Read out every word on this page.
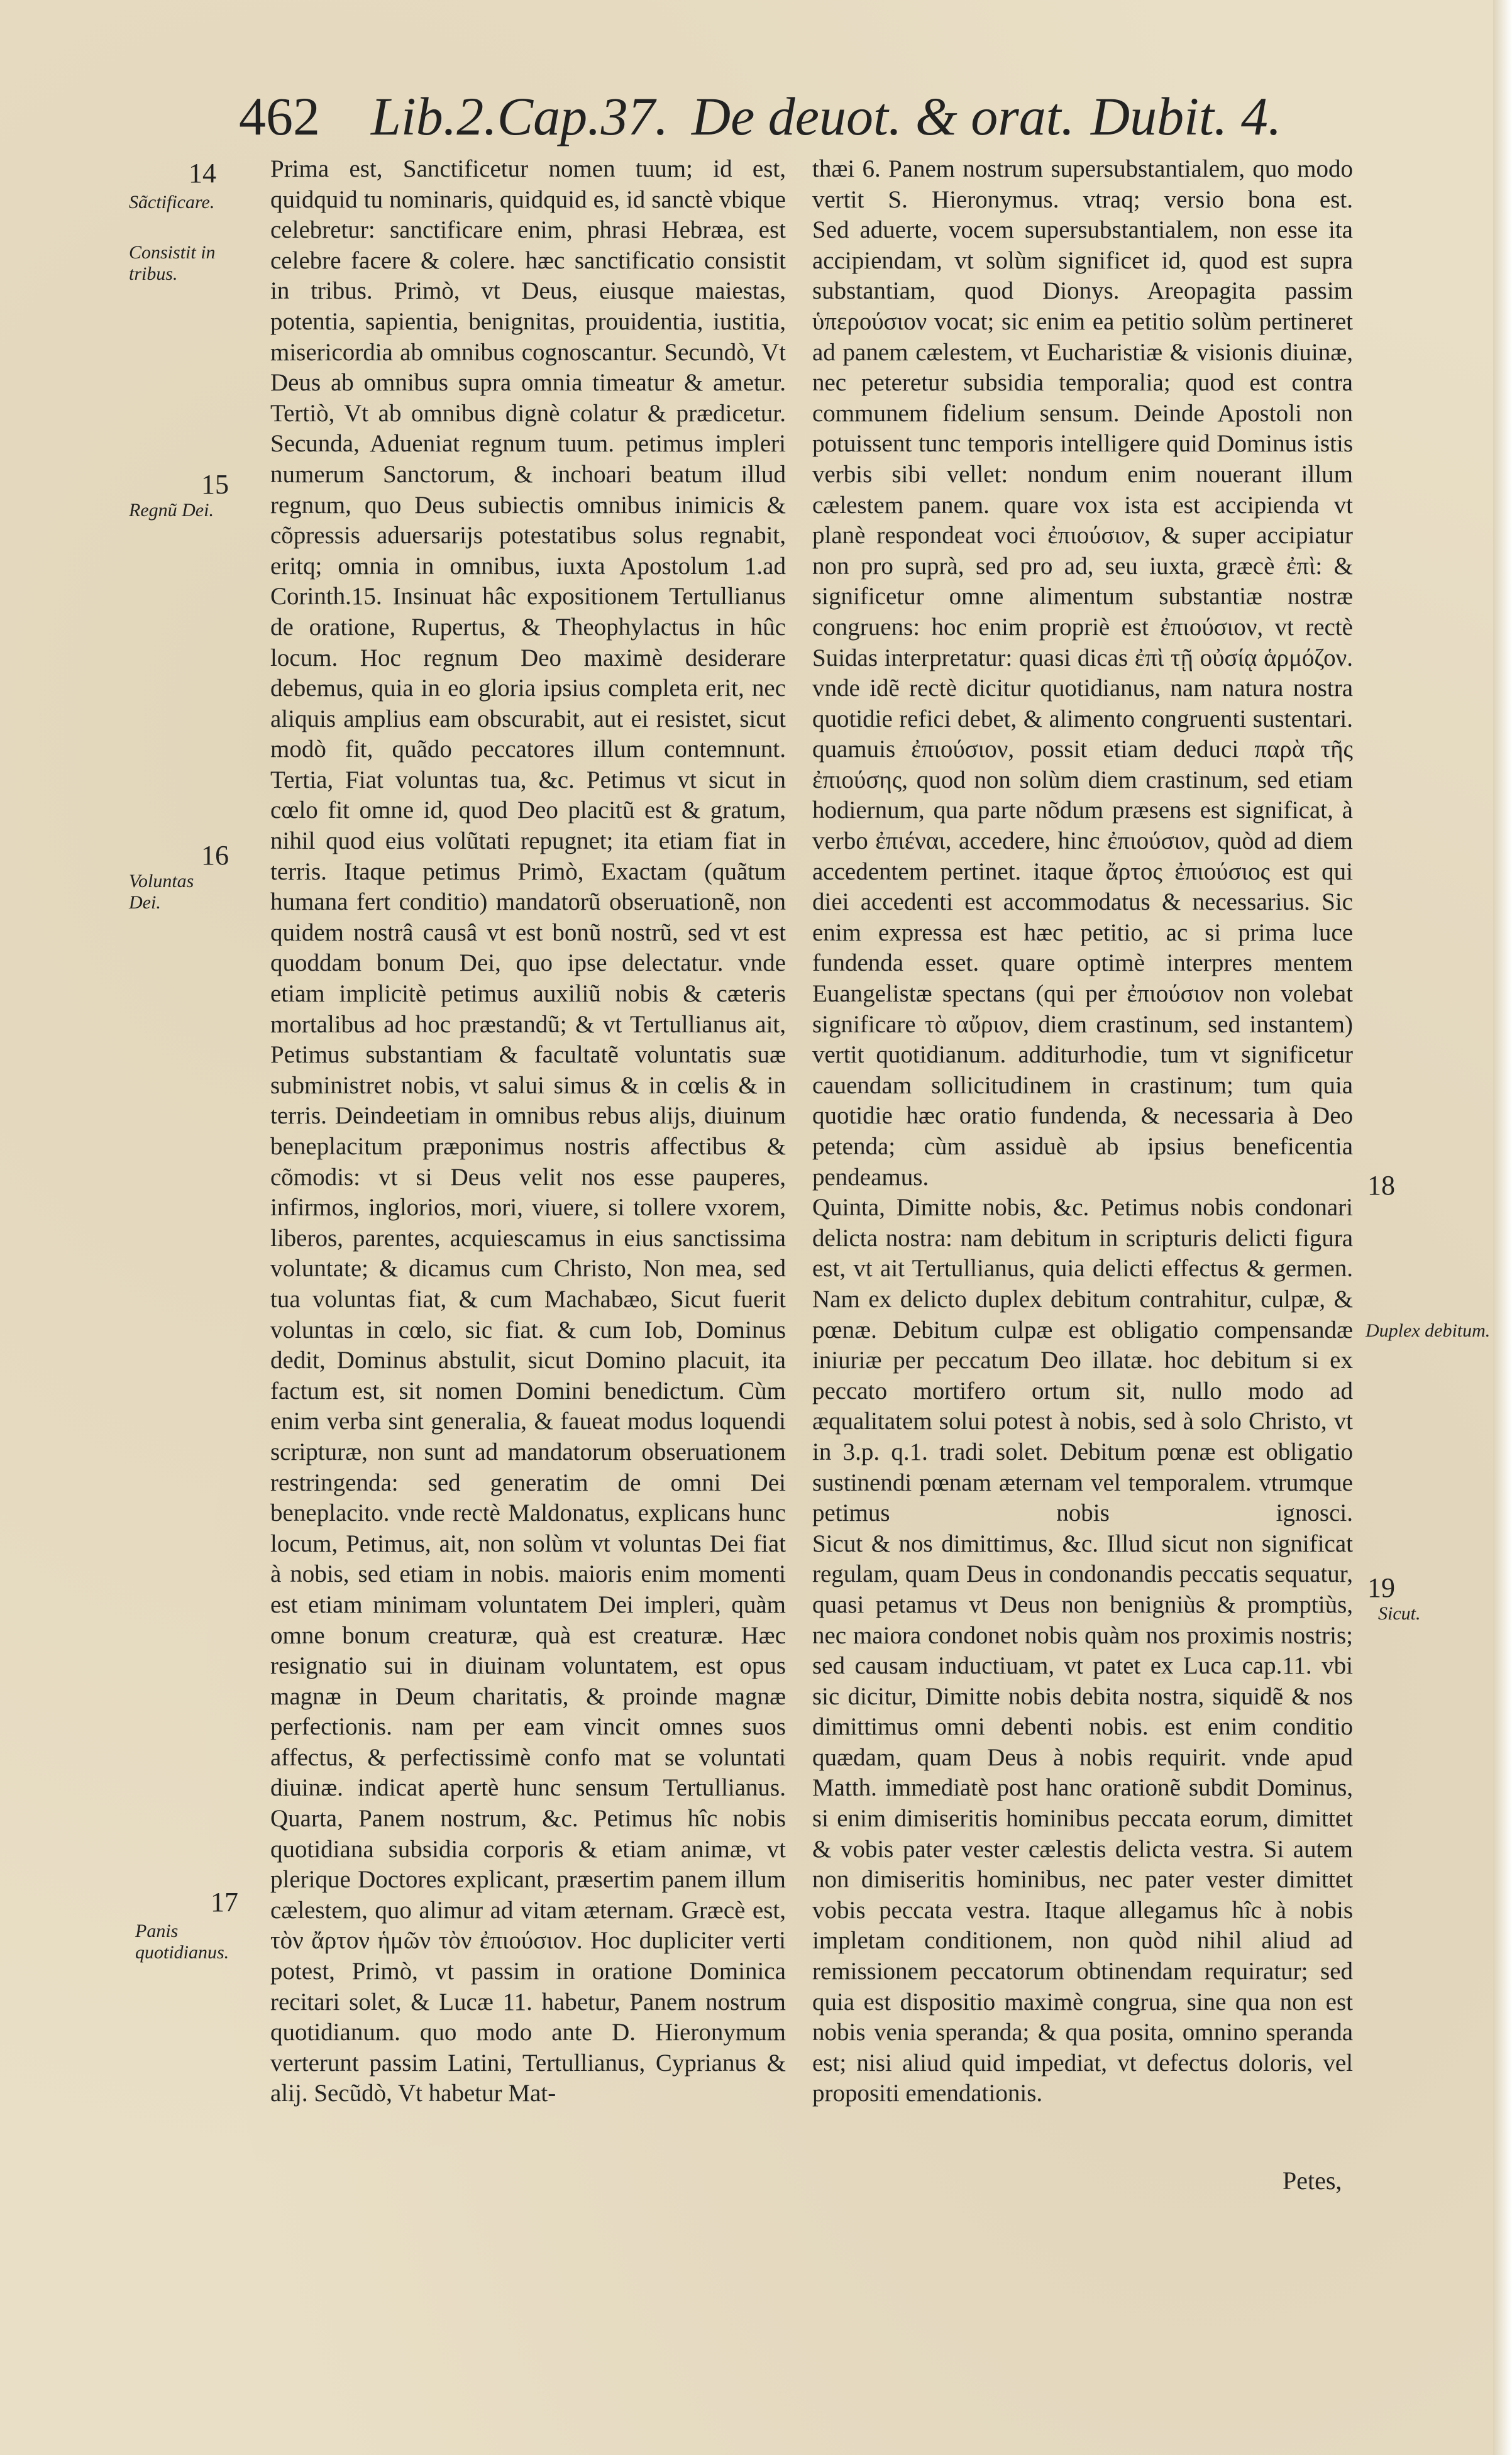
462 Lib.2.Cap.37. De deuot. & orat. Dubit. 4.
14
Sãctificare.
Consistit in tribus.
15
Regnũ Dei.
16
Voluntas Dei.
17
Panis quotidianus.
18
Duplex debitum.
19
Sicut.

Prima est, Sanctificetur nomen tuum; id est, quidquid tu nominaris, quidquid es, id sanctè vbique celebretur: sanctificare enim, phrasi Hebræa, est celebre facere & colere. hæc sanctificatio consistit in tribus. Primò, vt Deus, eiusque maiestas, potentia, sapientia, benignitas, prouidentia, iustitia, misericordia ab omnibus cognoscantur. Secundò, Vt Deus ab omnibus supra omnia timeatur & ametur. Tertiò, Vt ab omnibus dignè colatur & prædicetur.

Secunda, Adueniat regnum tuum. petimus impleri numerum Sanctorum, & inchoari beatum illud regnum, quo Deus subiectis omnibus inimicis & cõpressis aduersarijs potestatibus solus regnabit, eritq; omnia in omnibus, iuxta Apostolum 1.ad Corinth.15. Insinuat hâc expositionem Tertullianus de oratione, Rupertus, & Theophylactus in hûc locum. Hoc regnum Deo maximè desiderare debemus, quia in eo gloria ipsius completa erit, nec aliquis amplius eam obscurabit, aut ei resistet, sicut modò fit, quãdo peccatores illum contemnunt.

Tertia, Fiat voluntas tua, &c. Petimus vt sicut in cœlo fit omne id, quod Deo placitũ est & gratum, nihil quod eius volũtati repugnet; ita etiam fiat in terris. Itaque petimus Primò, Exactam (quãtum humana fert conditio) mandatorũ obseruationẽ, non quidem nostrâ causâ vt est bonũ nostrũ, sed vt est quoddam bonum Dei, quo ipse delectatur. vnde etiam implicitè petimus auxiliũ nobis & cæteris mortalibus ad hoc præstandũ; & vt Tertullianus ait, Petimus substantiam & facultatẽ voluntatis suæ subministret nobis, vt salui simus & in cœlis & in terris. Deindeetiam in omnibus rebus alijs, diuinum beneplacitum præponimus nostris affectibus & cõmodis: vt si Deus velit nos esse pauperes, infirmos, inglorios, mori, viuere, si tollere vxorem, liberos, parentes, acquiescamus in eius sanctissima voluntate; & dicamus cum Christo, Non mea, sed tua voluntas fiat, & cum Machabæo, Sicut fuerit voluntas in cœlo, sic fiat. & cum Iob, Dominus dedit, Dominus abstulit, sicut Domino placuit, ita factum est, sit nomen Domini benedictum. Cùm enim verba sint generalia, & faueat modus loquendi scripturæ, non sunt ad mandatorum obseruationem restringenda: sed generatim de omni Dei beneplacito. vnde rectè Maldonatus, explicans hunc locum, Petimus, ait, non solùm vt voluntas Dei fiat à nobis, sed etiam in nobis. maioris enim momenti est etiam minimam voluntatem Dei impleri, quàm omne bonum creaturæ, quà est creaturæ. Hæc resignatio sui in diuinam voluntatem, est opus magnæ in Deum charitatis, & proinde magnæ perfectionis. nam per eam vincit omnes suos affectus, & perfectissimè confo mat se voluntati diuinæ. indicat apertè hunc sensum Tertullianus.

Quarta, Panem nostrum, &c. Petimus hîc nobis quotidiana subsidia corporis & etiam animæ, vt plerique Doctores explicant, præsertim panem illum cælestem, quo alimur ad vitam æternam. Græcè est, τὸν ἄρτον ἡμῶν τὸν ἐπιούσιον. Hoc dupliciter verti potest, Primò, vt passim in oratione Dominica recitari solet, & Lucæ 11. habetur, Panem nostrum quotidianum. quo modo ante D. Hieronymum verterunt passim Latini, Tertullianus, Cyprianus & alij. Secũdò, Vt habetur Mat-

thæi 6. Panem nostrum supersubstantialem, quo modo vertit S. Hieronymus. vtraq; versio bona est.

Sed aduerte, vocem supersubstantialem, non esse ita accipiendam, vt solùm significet id, quod est supra substantiam, quod Dionys. Areopagita passim ὑπερούσιον vocat; sic enim ea petitio solùm pertineret ad panem cælestem, vt Eucharistiæ & visionis diuinæ, nec peteretur subsidia temporalia; quod est contra communem fidelium sensum. Deinde Apostoli non potuissent tunc temporis intelligere quid Dominus istis verbis sibi vellet: nondum enim nouerant illum cælestem panem. quare vox ista est accipienda vt planè respondeat voci ἐπιούσιον, & super accipiatur non pro suprà, sed pro ad, seu iuxta, græcè ἐπὶ: & significetur omne alimentum substantiæ nostræ congruens: hoc enim propriè est ἐπιούσιον, vt rectè Suidas interpretatur: quasi dicas ἐπὶ τῇ οὐσίᾳ ἁρμόζον. vnde idẽ rectè dicitur quotidianus, nam natura nostra quotidie refici debet, & alimento congruenti sustentari. quamuis ἐπιούσιον, possit etiam deduci παρὰ τῆς ἐπιούσης, quod non solùm diem crastinum, sed etiam hodiernum, qua parte nõdum præsens est significat, à verbo ἐπιέναι, accedere, hinc ἐπιούσιον, quòd ad diem accedentem pertinet. itaque ἄρτος ἐπιούσιος est qui diei accedenti est accommodatus & necessarius. Sic enim expressa est hæc petitio, ac si prima luce fundenda esset. quare optimè interpres mentem Euangelistæ spectans (qui per ἐπιούσιον non volebat significare τὸ αὔριον, diem crastinum, sed instantem) vertit quotidianum. additurhodie, tum vt significetur cauendam sollicitudinem in crastinum; tum quia quotidie hæc oratio fundenda, & necessaria à Deo petenda; cùm assiduè ab ipsius beneficentia pendeamus.

Quinta, Dimitte nobis, &c. Petimus nobis condonari delicta nostra: nam debitum in scripturis delicti figura est, vt ait Tertullianus, quia delicti effectus & germen. Nam ex delicto duplex debitum contrahitur, culpæ, & pœnæ. Debitum culpæ est obligatio compensandæ iniuriæ per peccatum Deo illatæ. hoc debitum si ex peccato mortifero ortum sit, nullo modo ad æqualitatem solui potest à nobis, sed à solo Christo, vt in 3.p. q.1. tradi solet. Debitum pœnæ est obligatio sustinendi pœnam æternam vel temporalem. vtrumque petimus nobis ignosci.

Sicut & nos dimittimus, &c. Illud sicut non significat regulam, quam Deus in condonandis peccatis sequatur, quasi petamus vt Deus non benigniùs & promptiùs, nec maiora condonet nobis quàm nos proximis nostris; sed causam inductiuam, vt patet ex Luca cap.11. vbi sic dicitur, Dimitte nobis debita nostra, siquidẽ & nos dimittimus omni debenti nobis. est enim conditio quædam, quam Deus à nobis requirit. vnde apud Matth. immediatè post hanc orationẽ subdit Dominus, si enim dimiseritis hominibus peccata eorum, dimittet & vobis pater vester cælestis delicta vestra. Si autem non dimiseritis hominibus, nec pater vester dimittet vobis peccata vestra. Itaque allegamus hîc à nobis impletam conditionem, non quòd nihil aliud ad remissionem peccatorum obtinendam requiratur; sed quia est dispositio maximè congrua, sine qua non est nobis venia speranda; & qua posita, omnino speranda est; nisi aliud quid impediat, vt defectus doloris, vel propositi emendationis.

Petes,
